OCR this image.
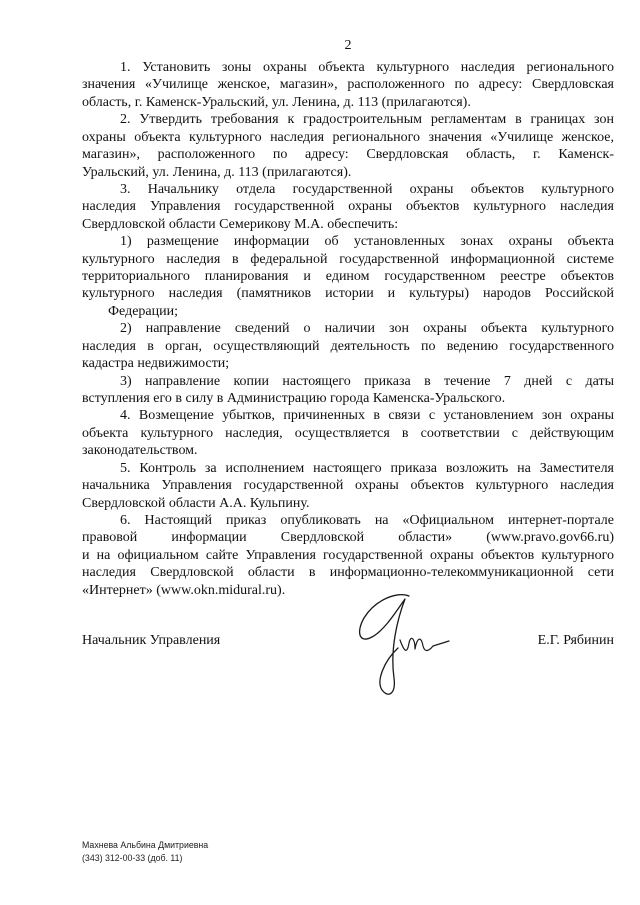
2
1. Установить зоны охраны объекта культурного наследия регионального
значения «Училище женское, магазин», расположенного по адресу: Свердловская
область, г. Каменск-Уральский, ул. Ленина, д. 113 (прилагаются).
2. Утвердить требования к градостроительным регламентам в границах зон
охраны объекта культурного наследия регионального значения «Училище женское,
магазин», расположенного по адресу: Свердловская область, г. Каменск-
Уральский, ул. Ленина, д. 113 (прилагаются).
3. Начальнику отдела государственной охраны объектов культурного
наследия Управления государственной охраны объектов культурного наследия
Свердловской области Семерикову М.А. обеспечить:
1) размещение информации об установленных зонах охраны объекта
культурного наследия в федеральной государственной информационной системе
территориального планирования и едином государственном реестре объектов
культурного наследия (памятников истории и культуры) народов Российской
Федерации;
2) направление сведений о наличии зон охраны объекта культурного
наследия в орган, осуществляющий деятельность по ведению государственного
кадастра недвижимости;
3) направление копии настоящего приказа в течение 7 дней с даты
вступления его в силу в Администрацию города Каменска-Уральского.
4. Возмещение убытков, причиненных в связи с установлением зон охраны
объекта культурного наследия, осуществляется в соответствии с действующим
законодательством.
5. Контроль за исполнением настоящего приказа возложить на Заместителя
начальника Управления государственной охраны объектов культурного наследия
Свердловской области А.А. Кульпину.
6. Настоящий приказ опубликовать на «Официальном интернет-портале
правовой информации Свердловской области» (www.pravo.gov66.ru)
и на официальном сайте Управления государственной охраны объектов культурного
наследия Свердловской области в информационно-телекоммуникационной сети
«Интернет» (www.okn.midural.ru).
Начальник Управления	Е.Г. Рябинин
Махнева Альбина Дмитриевна
(343) 312-00-33 (доб. 11)
